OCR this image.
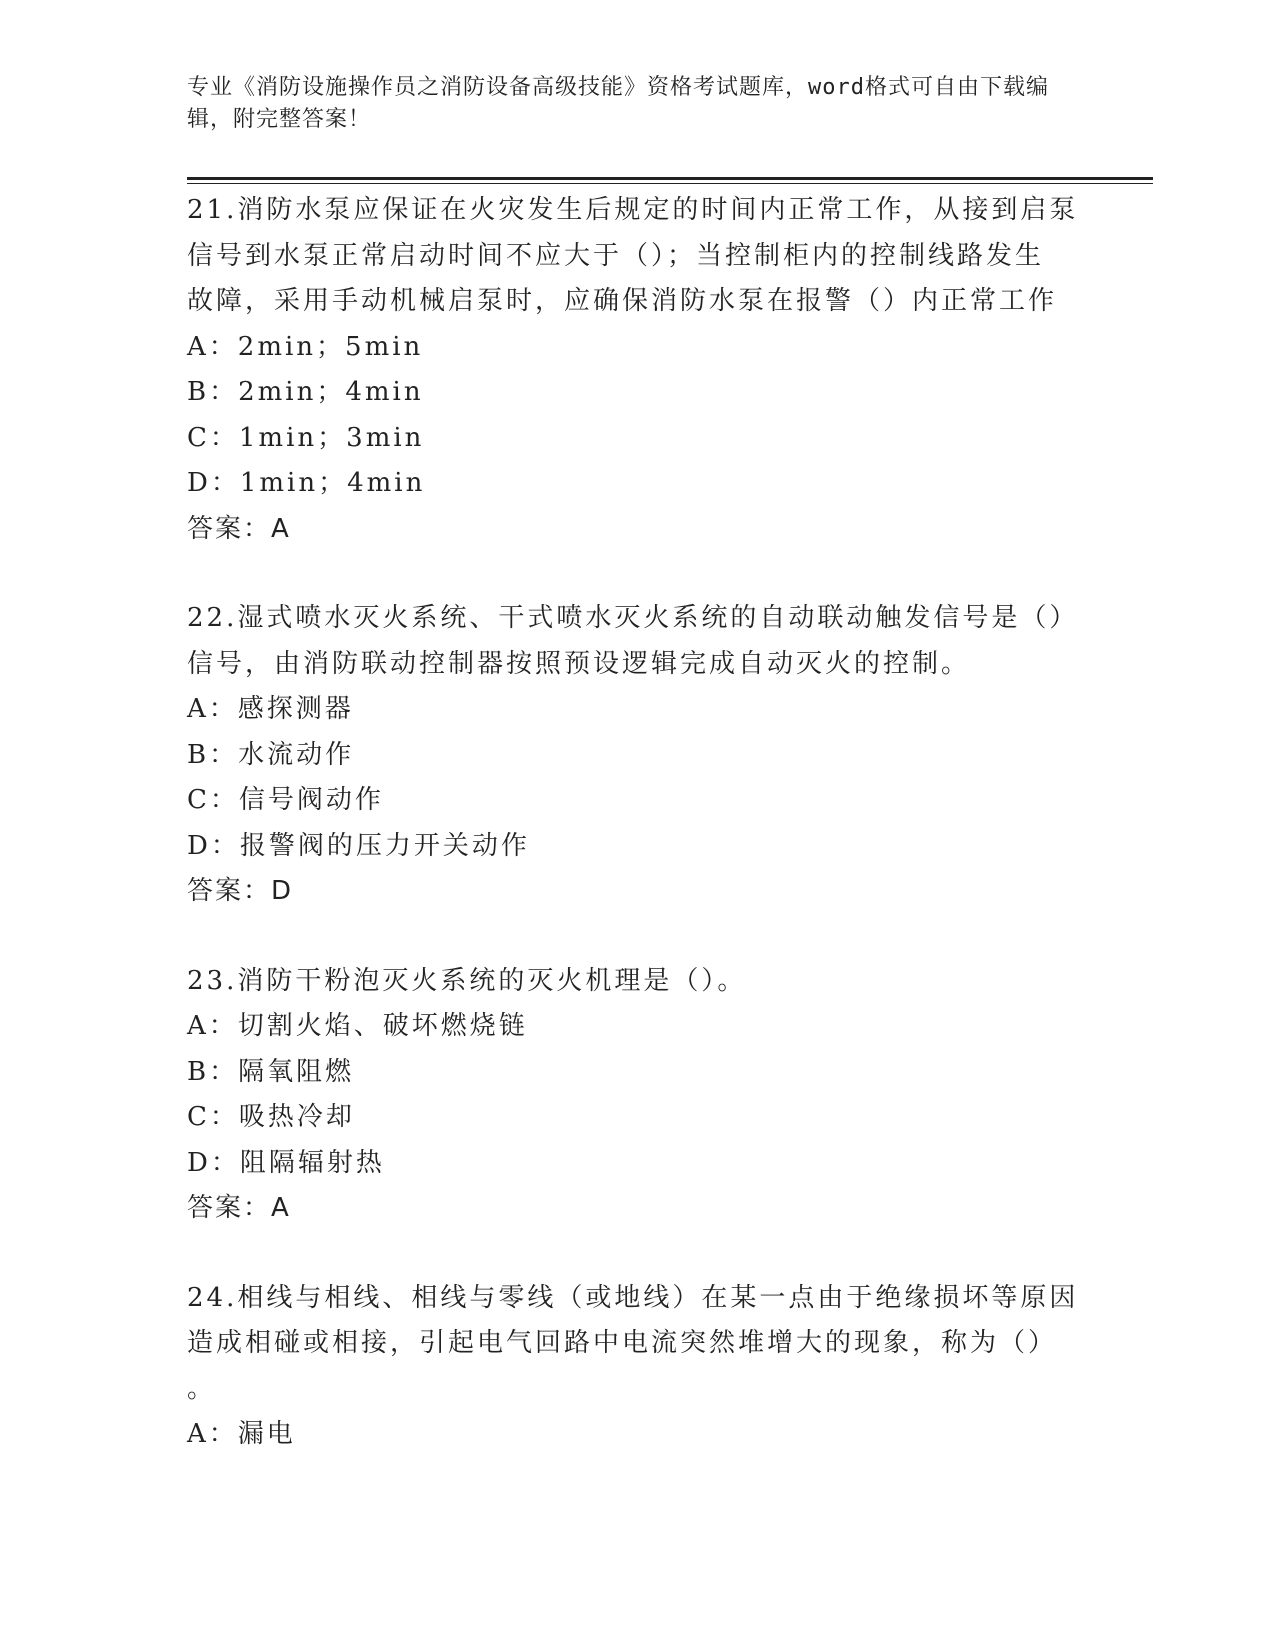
专业《消防设施操作员之消防设备高级技能》资格考试题库，word格式可自由下载编辑，附完整答案！
21.消防水泵应保证在火灾发生后规定的时间内正常工作，从接到启泵
信号到水泵正常启动时间不应大于（）；当控制柜内的控制线路发生
故障，采用手动机械启泵时，应确保消防水泵在报警（）内正常工作
A：2min；5min
B：2min；4min
C：1min；3min
D：1min；4min
答案：A
22.湿式喷水灭火系统、干式喷水灭火系统的自动联动触发信号是（）
信号，由消防联动控制器按照预设逻辑完成自动灭火的控制。
A：感探测器
B：水流动作
C：信号阀动作
D：报警阀的压力开关动作
答案：D
23.消防干粉泡灭火系统的灭火机理是（）。
A：切割火焰、破坏燃烧链
B：隔氧阻燃
C：吸热冷却
D：阻隔辐射热
答案：A
24.相线与相线、相线与零线（或地线）在某一点由于绝缘损坏等原因
造成相碰或相接，引起电气回路中电流突然堆增大的现象，称为（）
。
A：漏电
